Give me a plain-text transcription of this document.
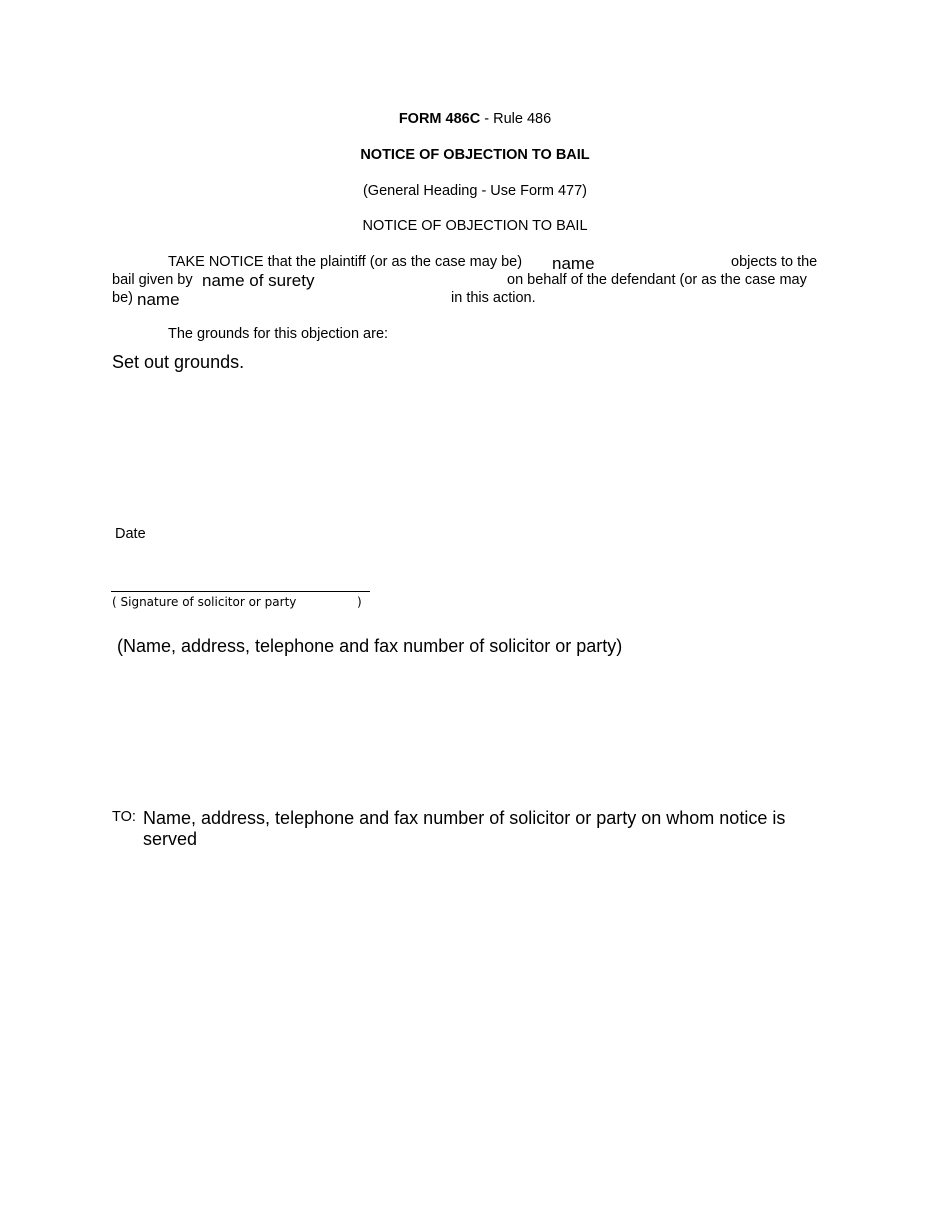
FORM 486C - Rule 486
NOTICE OF OBJECTION TO BAIL
(General Heading - Use Form 477)
NOTICE OF OBJECTION TO BAIL
TAKE NOTICE that the plaintiff (or as the case may be) name	objects to the
bail given by name of surety	on behalf of the defendant (or as the case may
be) name	in this action.
The grounds for this objection are:
Set out grounds.
Date
( Signature of solicitor or party	)
(Name, address, telephone and fax number of solicitor or party)
TO: Name, address, telephone and fax number of solicitor or party on whom notice is
served
